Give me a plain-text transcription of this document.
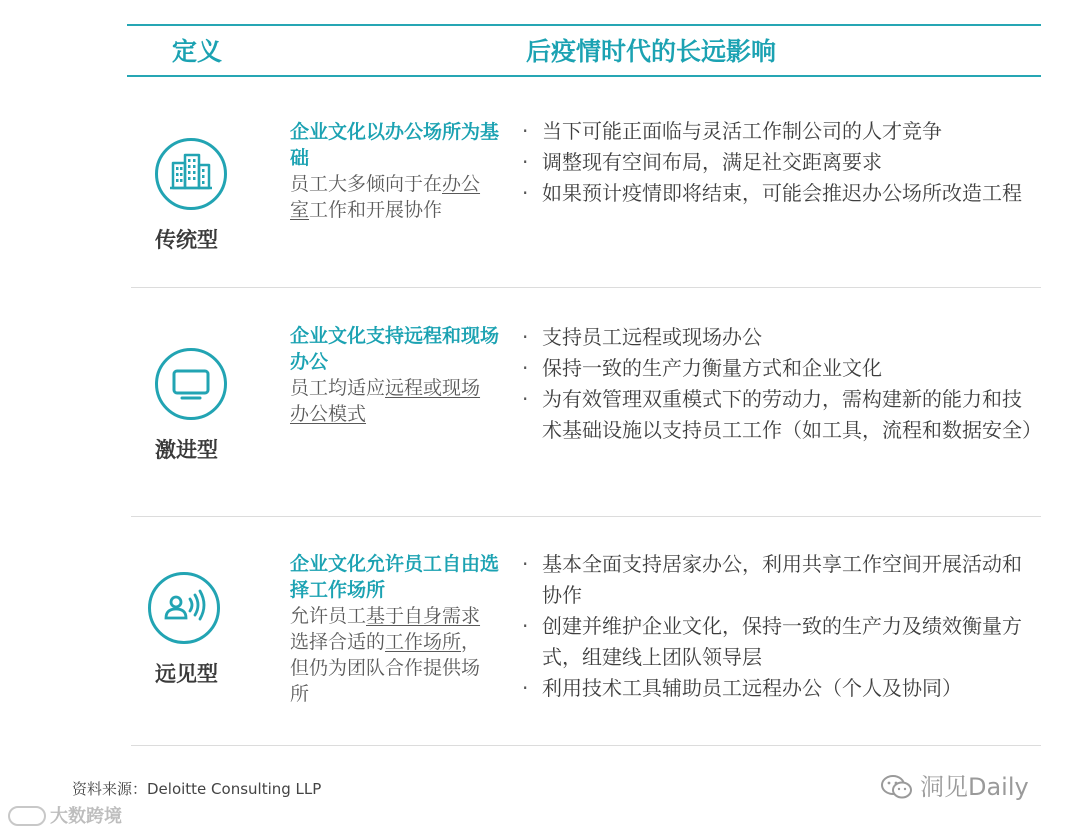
定义	后疫情时代的长远影响
传统型
企业文化以办公场所为基础
员工大多倾向于在办公室工作和开展协作
· 当下可能正面临与灵活工作制公司的人才竞争
· 调整现有空间布局，满足社交距离要求
· 如果预计疫情即将结束，可能会推迟办公场所改造工程
激进型
企业文化支持远程和现场办公
员工均适应远程或现场办公模式
· 支持员工远程或现场办公
· 保持一致的生产力衡量方式和企业文化
· 为有效管理双重模式下的劳动力，需构建新的能力和技术基础设施以支持员工工作（如工具，流程和数据安全）
远见型
企业文化允许员工自由选择工作场所
允许员工基于自身需求选择合适的工作场所，但仍为团队合作提供场所
· 基本全面支持居家办公，利用共享工作空间开展活动和协作
· 创建并维护企业文化，保持一致的生产力及绩效衡量方式，组建线上团队领导层
· 利用技术工具辅助员工远程办公（个人及协同）
资料来源：Deloitte Consulting LLP	洞见Daily
大数跨境
